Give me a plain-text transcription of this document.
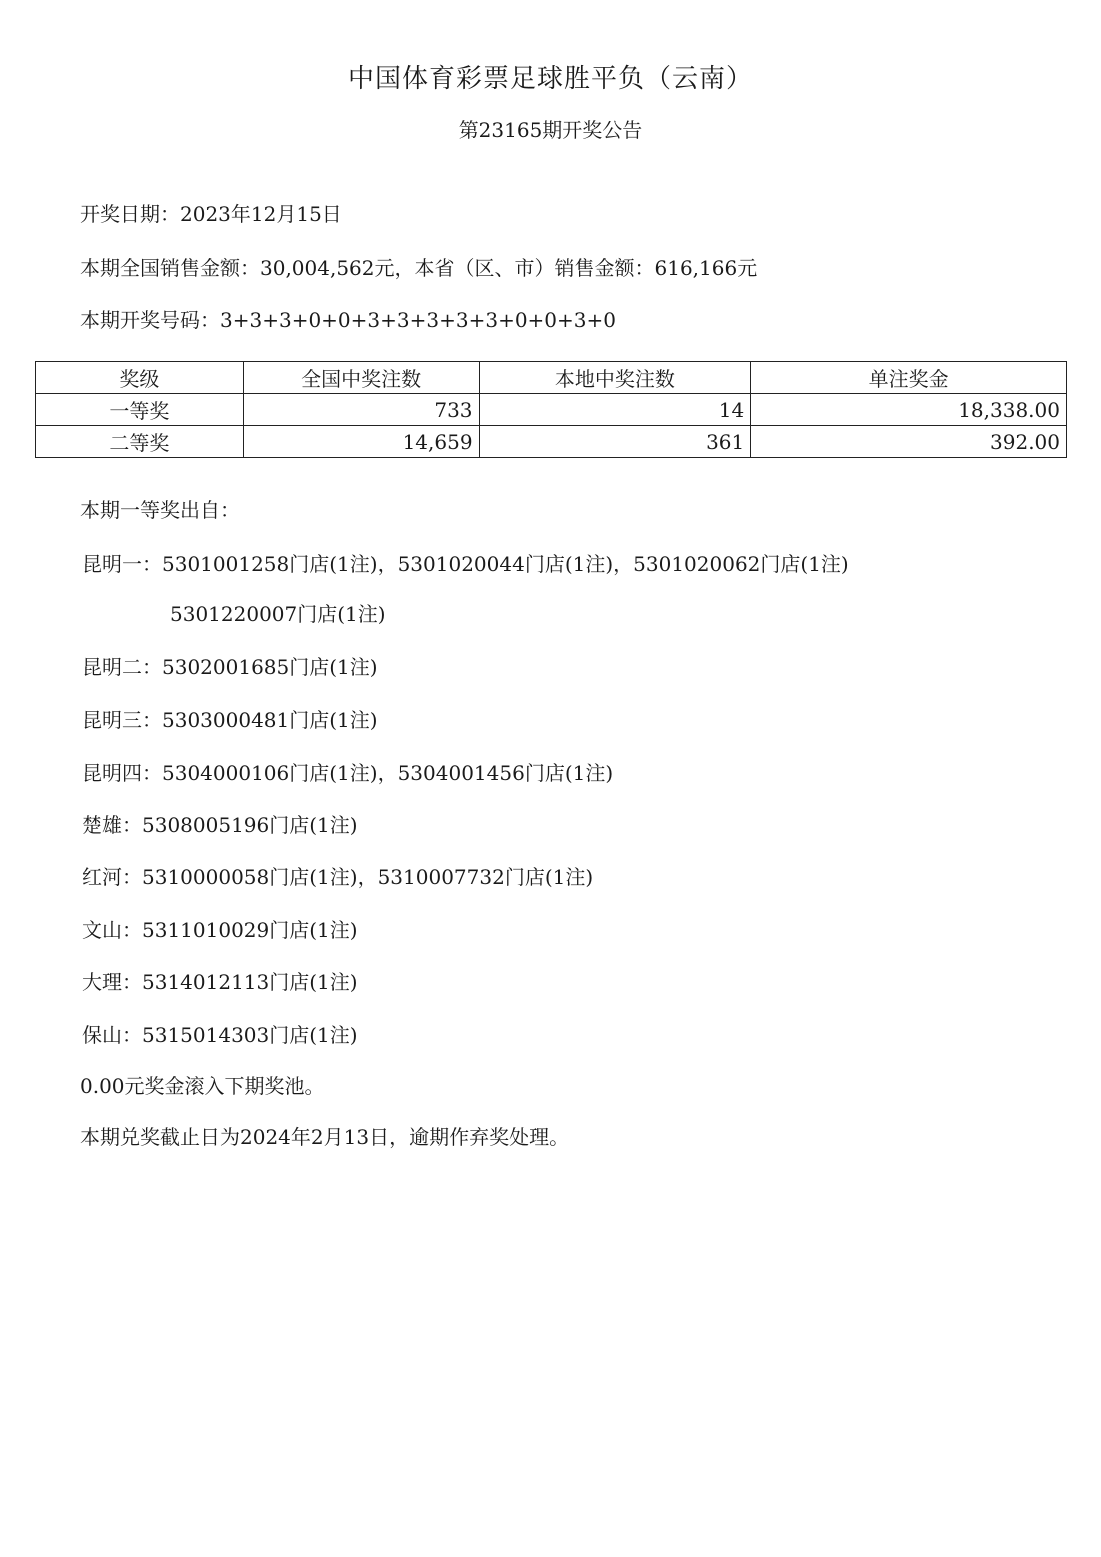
中国体育彩票足球胜平负（云南）
第23165期开奖公告
开奖日期：2023年12月15日
本期全国销售金额：30,004,562元，本省（区、市）销售金额：616,166元
本期开奖号码：3+3+3+0+0+3+3+3+3+3+0+0+3+0
奖级	全国中奖注数	本地中奖注数	单注奖金
一等奖	733	14	18,338.00
二等奖	14,659	361	392.00
本期一等奖出自：
昆明一：5301001258门店(1注)，5301020044门店(1注)，5301020062门店(1注)
5301220007门店(1注)
昆明二：5302001685门店(1注)
昆明三：5303000481门店(1注)
昆明四：5304000106门店(1注)，5304001456门店(1注)
楚雄：5308005196门店(1注)
红河：5310000058门店(1注)，5310007732门店(1注)
文山：5311010029门店(1注)
大理：5314012113门店(1注)
保山：5315014303门店(1注)
0.00元奖金滚入下期奖池。
本期兑奖截止日为2024年2月13日，逾期作弃奖处理。
